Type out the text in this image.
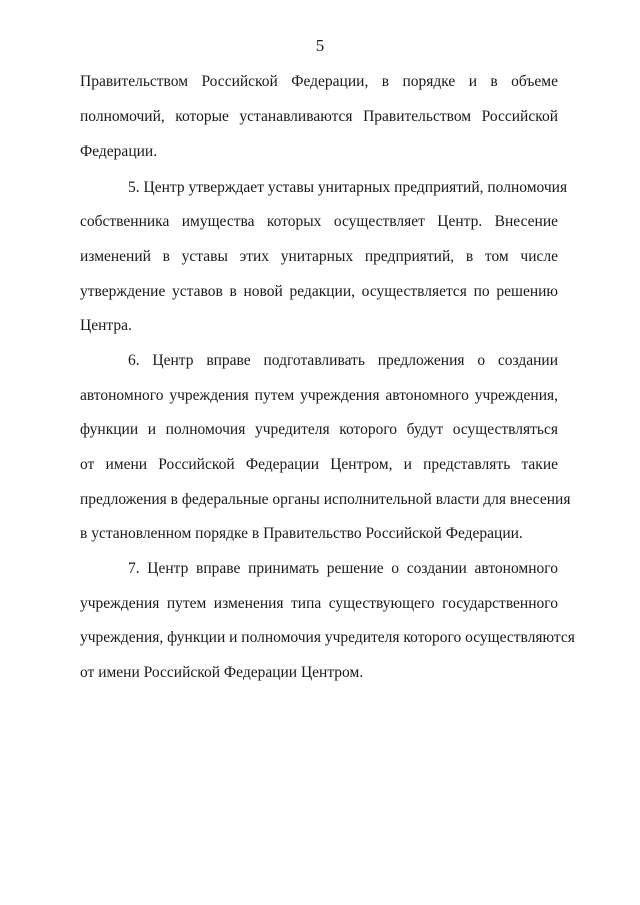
5
Правительством Российской Федерации, в порядке и в объеме
полномочий, которые устанавливаются Правительством Российской
Федерации.
5. Центр утверждает уставы унитарных предприятий, полномочия
собственника имущества которых осуществляет Центр. Внесение
изменений в уставы этих унитарных предприятий, в том числе
утверждение уставов в новой редакции, осуществляется по решению
Центра.
6. Центр вправе подготавливать предложения о создании
автономного учреждения путем учреждения автономного учреждения,
функции и полномочия учредителя которого будут осуществляться
от имени Российской Федерации Центром, и представлять такие
предложения в федеральные органы исполнительной власти для внесения
в установленном порядке в Правительство Российской Федерации.
7. Центр вправе принимать решение о создании автономного
учреждения путем изменения типа существующего государственного
учреждения, функции и полномочия учредителя которого осуществляются
от имени Российской Федерации Центром.
